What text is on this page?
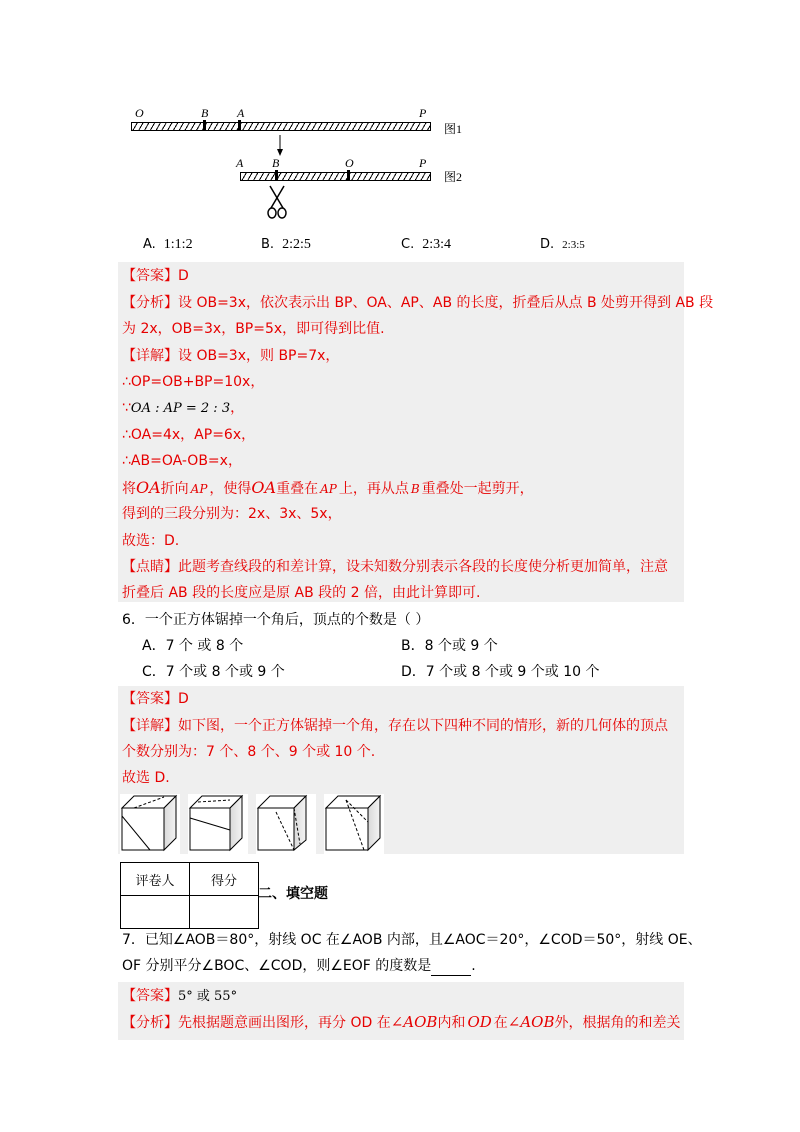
O	B A	P
图1
A B	O	P
图2
A. 1:1:2	B. 2:2:5	C. 2:3:4	D. 2:3:5
【答案】D
【分析】设 OB=3x，依次表示出 BP、OA、AP、AB 的长度，折叠后从点 B 处剪开得到 AB 段
为 2x，OB=3x，BP=5x，即可得到比值.
【详解】设 OB=3x，则 BP=7x，
∴OP=OB+BP=10x，
∵OA : AP = 2 : 3，
∴OA=4x，AP=6x，
∴AB=OA-OB=x，
将OA折向 AP ，使得OA重叠在 AP 上，再从点 B 重叠处一起剪开，
得到的三段分别为：2x、3x、5x，
故选：D.
【点睛】此题考查线段的和差计算，设未知数分别表示各段的长度使分析更加简单，注意
折叠后 AB 段的长度应是原 AB 段的 2 倍，由此计算即可.
6．一个正方体锯掉一个角后，顶点的个数是（ ）
A．7 个 或 8 个	B．8 个或 9 个
C．7 个或 8 个或 9 个	D．7 个或 8 个或 9 个或 10 个
【答案】D
【详解】如下图，一个正方体锯掉一个角，存在以下四种不同的情形，新的几何体的顶点
个数分别为：7 个、8 个、9 个或 10 个.
故选 D.
评卷人	得分

二、填空题
7．已知∠AOB＝80°，射线 OC 在∠AOB 内部，且∠AOC＝20°，∠COD＝50°，射线 OE、
OF 分别平分∠BOC、∠COD，则∠EOF 的度数是	.
【答案】5° 或 55°
【分析】先根据题意画出图形，再分 OD 在∠AOB内和 OD 在∠AOB外，根据角的和差关
